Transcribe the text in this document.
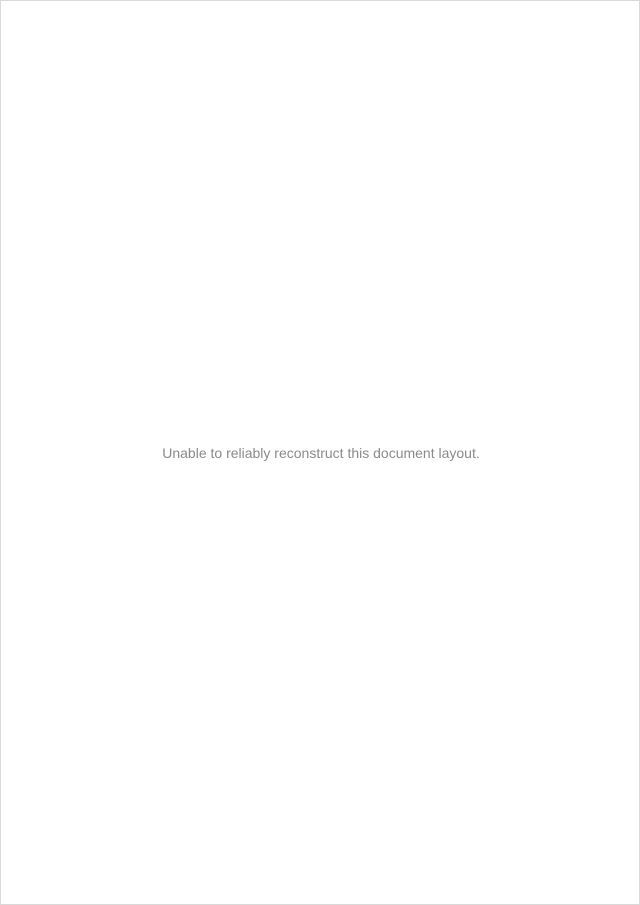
Unable to reliably reconstruct this document layout.
